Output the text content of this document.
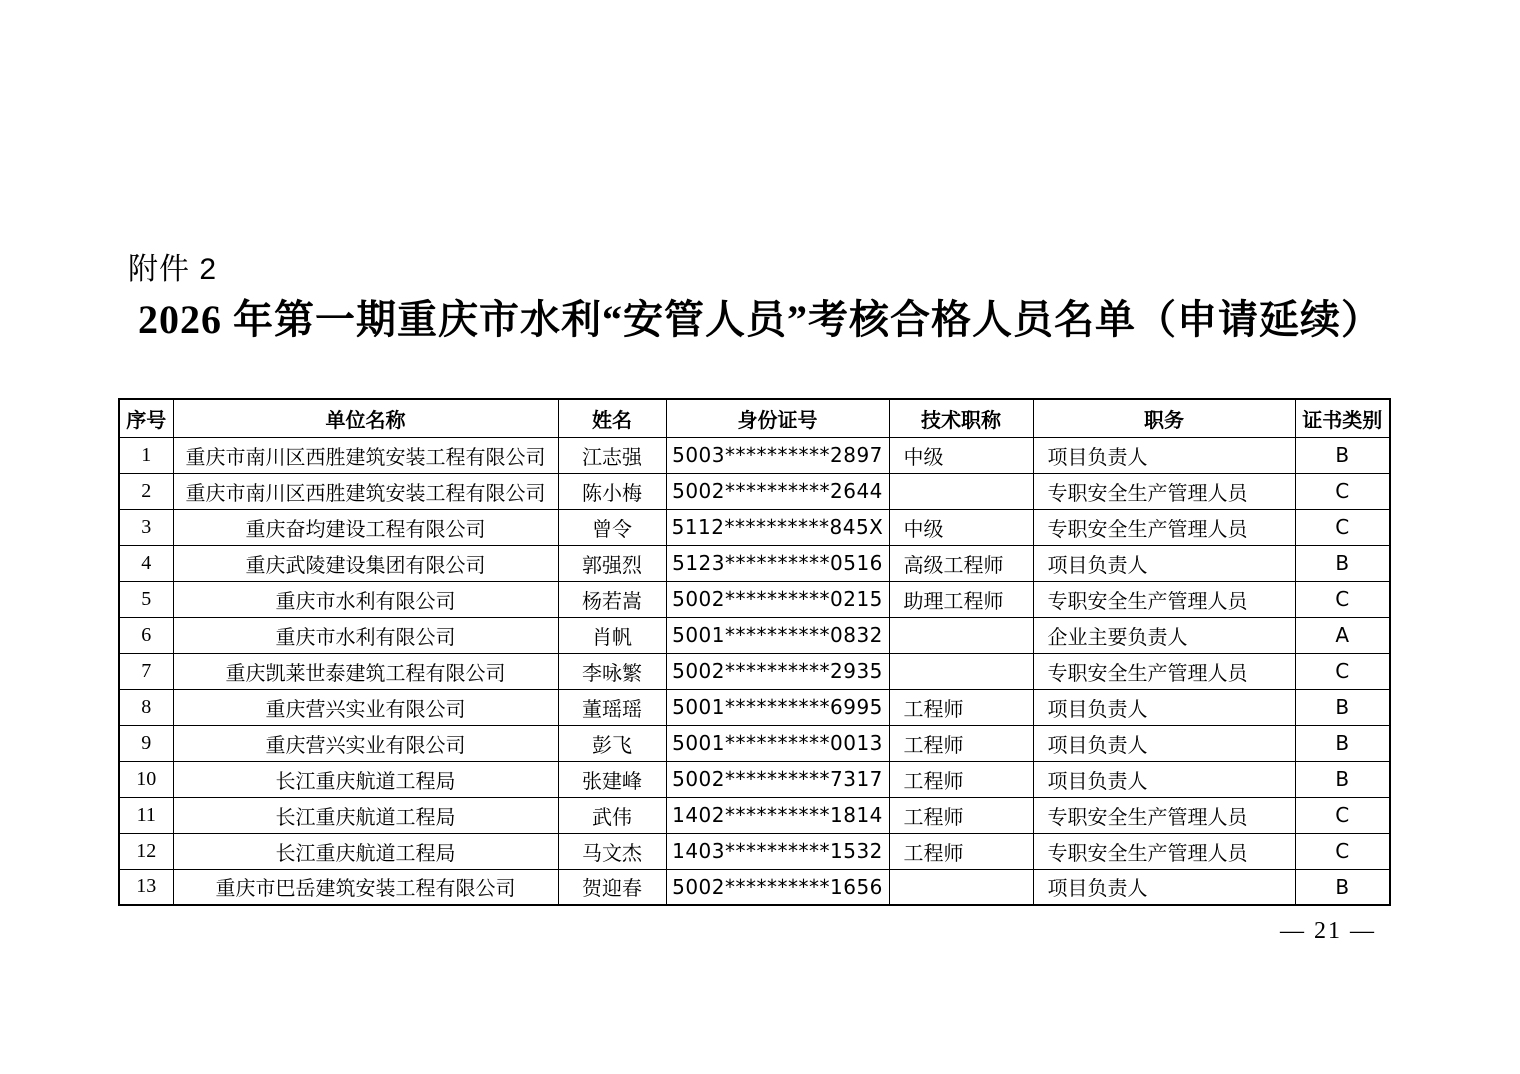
附件 2
2026 年第一期重庆市水利“安管人员”考核合格人员名单（申请延续）
序号	单位名称	姓名	身份证号	技术职称	职务	证书类别
1	重庆市南川区西胜建筑安装工程有限公司	江志强	5003**********2897	中级	项目负责人	B
2	重庆市南川区西胜建筑安装工程有限公司	陈小梅	5002**********2644		专职安全生产管理人员	C
3	重庆奋均建设工程有限公司	曾令	5112**********845X	中级	专职安全生产管理人员	C
4	重庆武陵建设集团有限公司	郭强烈	5123**********0516	高级工程师	项目负责人	B
5	重庆市水利有限公司	杨若嵩	5002**********0215	助理工程师	专职安全生产管理人员	C
6	重庆市水利有限公司	肖帆	5001**********0832		企业主要负责人	A
7	重庆凯莱世泰建筑工程有限公司	李咏繁	5002**********2935		专职安全生产管理人员	C
8	重庆营兴实业有限公司	董瑶瑶	5001**********6995	工程师	项目负责人	B
9	重庆营兴实业有限公司	彭飞	5001**********0013	工程师	项目负责人	B
10	长江重庆航道工程局	张建峰	5002**********7317	工程师	项目负责人	B
11	长江重庆航道工程局	武伟	1402**********1814	工程师	专职安全生产管理人员	C
12	长江重庆航道工程局	马文杰	1403**********1532	工程师	专职安全生产管理人员	C
13	重庆市巴岳建筑安装工程有限公司	贺迎春	5002**********1656		项目负责人	B
— 21 —
